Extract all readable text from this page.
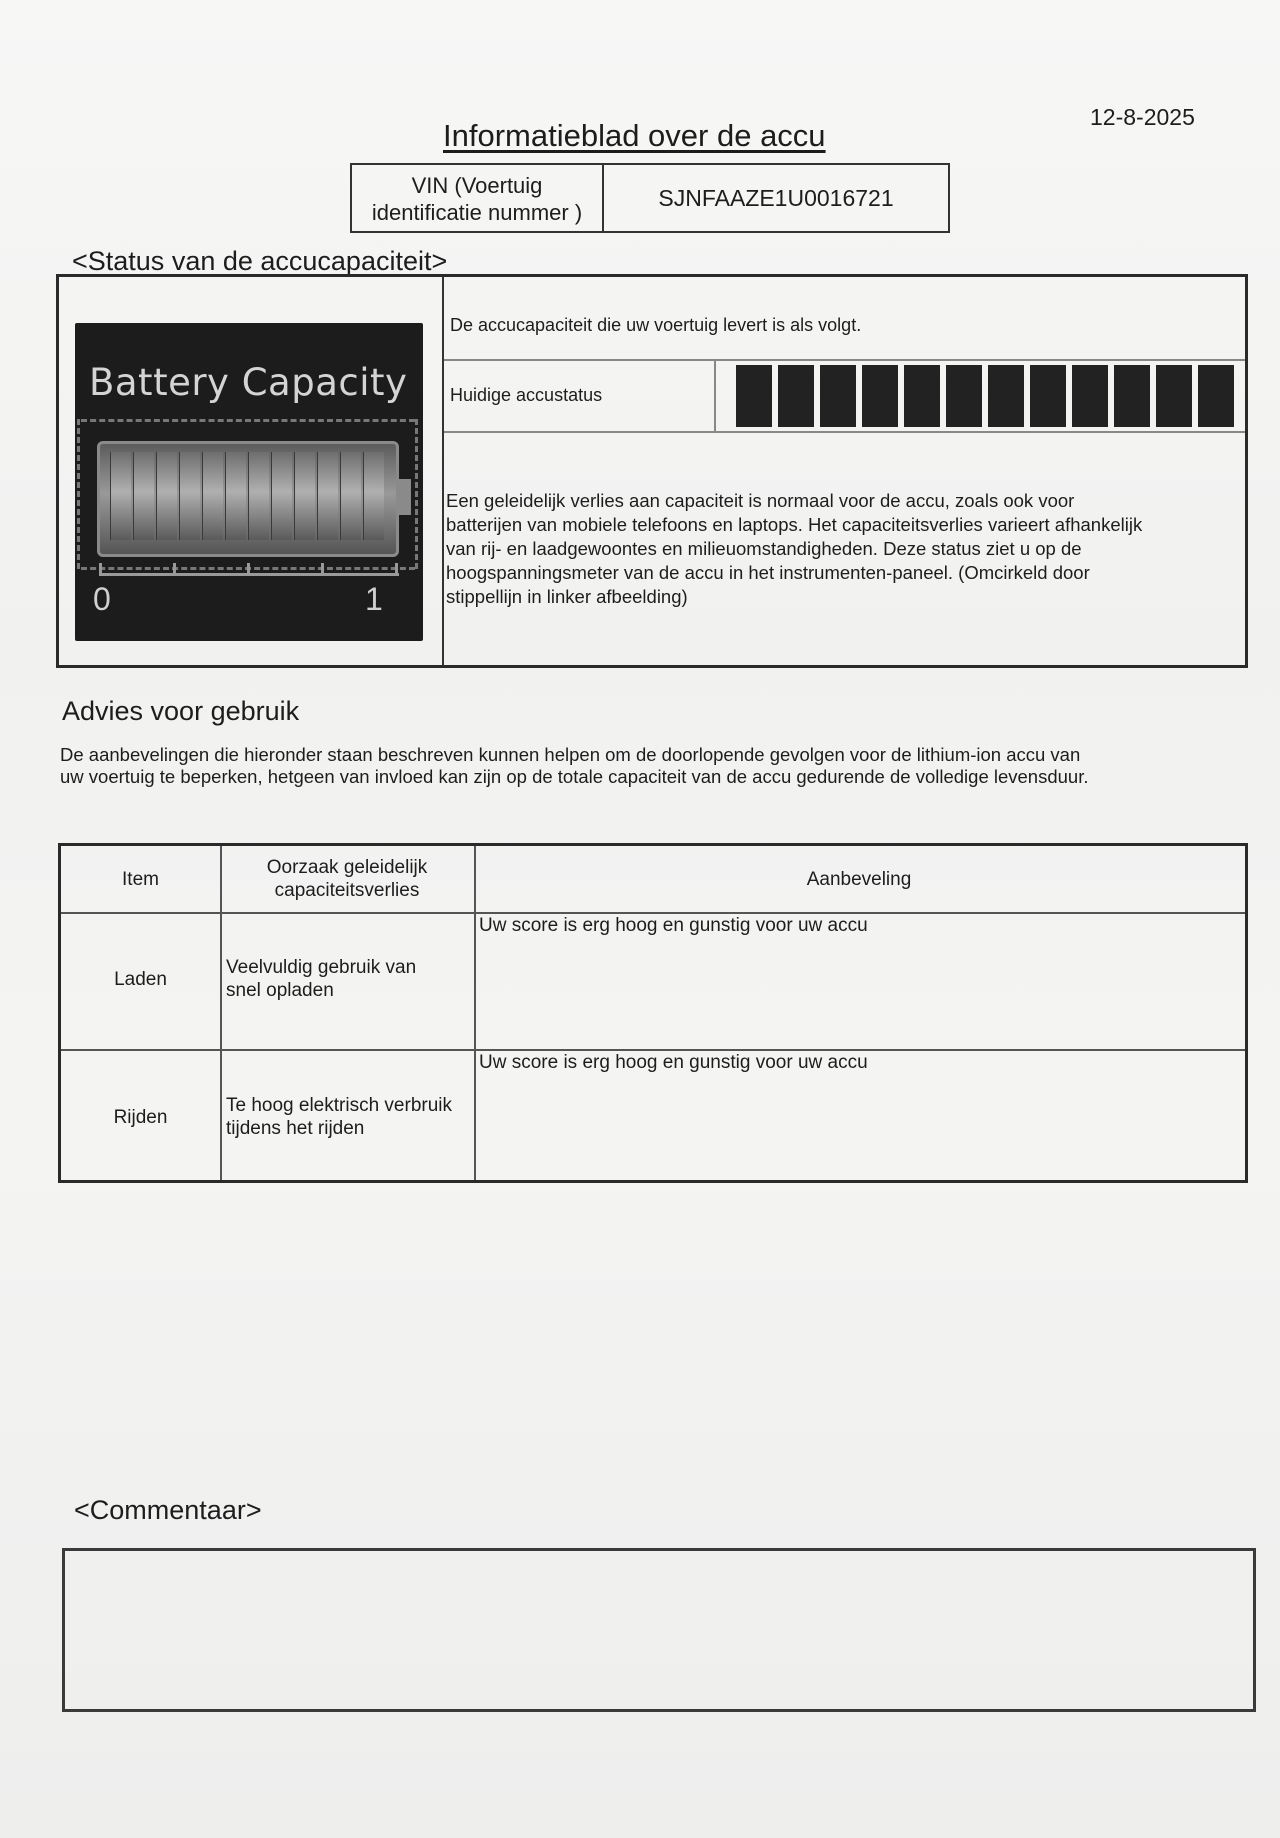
12-8-2025
Informatieblad over de accu
VIN (Voertuig
identificatie nummer )
SJNFAAZE1U0016721
<Status van de accucapaciteit>
Battery Capacity
0	1
De accucapaciteit die uw voertuig levert is als volgt.
Huidige accustatus
Een geleidelijk verlies aan capaciteit is normaal voor de accu, zoals ook voor
batterijen van mobiele telefoons en laptops. Het capaciteitsverlies varieert afhankelijk
van rij- en laadgewoontes en milieuomstandigheden. Deze status ziet u op de
hoogspanningsmeter van de accu in het instrumenten-paneel. (Omcirkeld door
stippellijn in linker afbeelding)
Advies voor gebruik
De aanbevelingen die hieronder staan beschreven kunnen helpen om de doorlopende gevolgen voor de lithium-ion accu van
uw voertuig te beperken, hetgeen van invloed kan zijn op de totale capaciteit van de accu gedurende de volledige levensduur.
Item
Oorzaak geleidelijk
capaciteitsverlies
Aanbeveling
Laden
Veelvuldig gebruik van
snel opladen
Uw score is erg hoog en gunstig voor uw accu
Rijden
Te hoog elektrisch verbruik
tijdens het rijden
Uw score is erg hoog en gunstig voor uw accu
<Commentaar>
